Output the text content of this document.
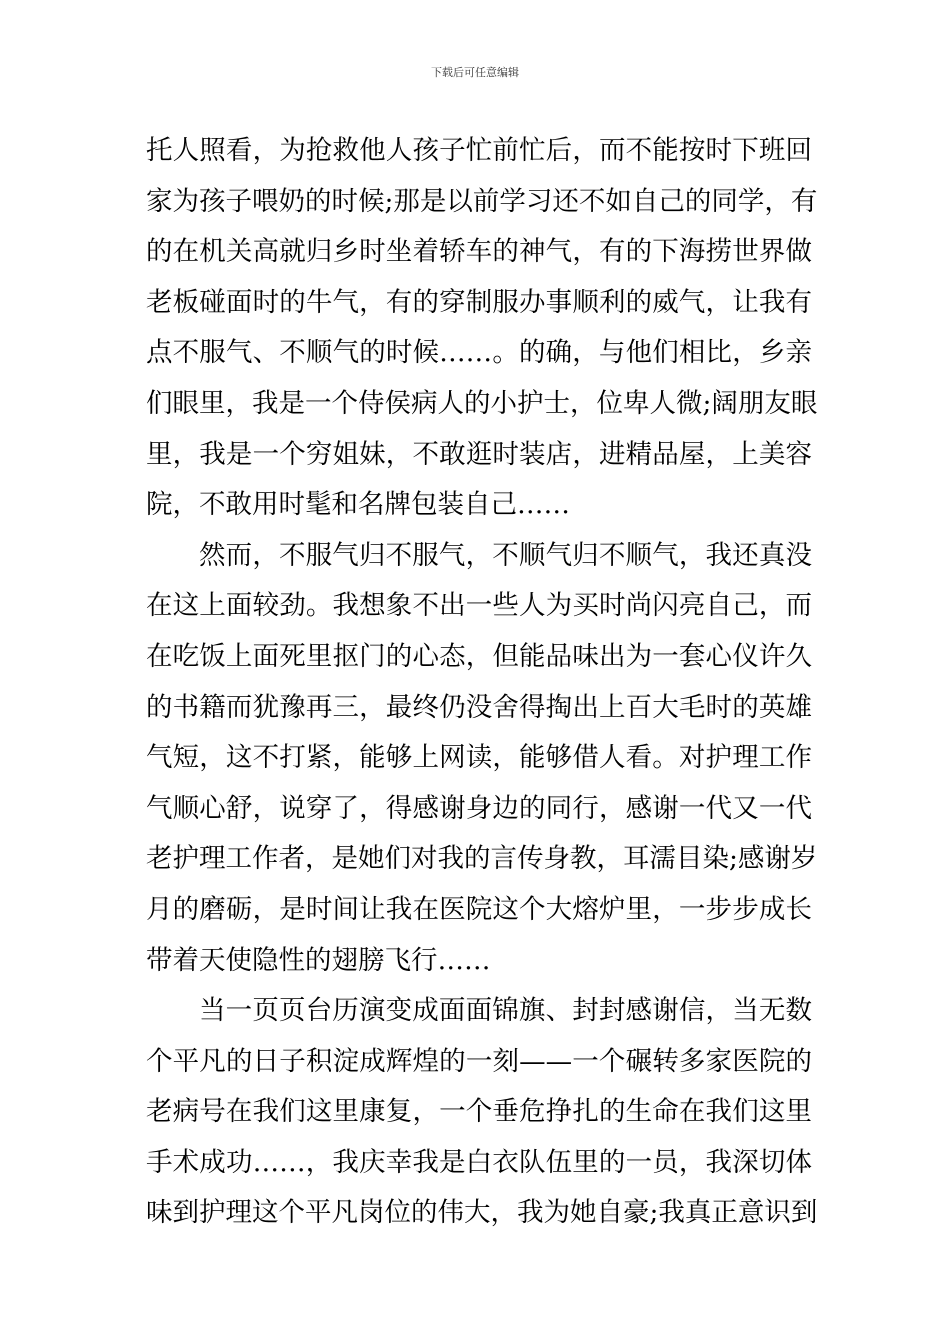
下载后可任意编辑
托人照看，为抢救他人孩子忙前忙后，而不能按时下班回
家为孩子喂奶的时候;那是以前学习还不如自己的同学，有
的在机关高就归乡时坐着轿车的神气，有的下海捞世界做
老板碰面时的牛气，有的穿制服办事顺利的威气，让我有
点不服气、不顺气的时候……。的确，与他们相比，乡亲
们眼里，我是一个侍侯病人的小护士，位卑人微;阔朋友眼
里，我是一个穷姐妹，不敢逛时装店，进精品屋，上美容
院，不敢用时髦和名牌包装自己……
然而，不服气归不服气，不顺气归不顺气，我还真没
在这上面较劲。我想象不出一些人为买时尚闪亮自己，而
在吃饭上面死里抠门的心态，但能品味出为一套心仪许久
的书籍而犹豫再三，最终仍没舍得掏出上百大毛时的英雄
气短，这不打紧，能够上网读，能够借人看。对护理工作
气顺心舒，说穿了，得感谢身边的同行，感谢一代又一代
老护理工作者，是她们对我的言传身教，耳濡目染;感谢岁
月的磨砺，是时间让我在医院这个大熔炉里，一步步成长
带着天使隐性的翅膀飞行……
当一页页台历演变成面面锦旗、封封感谢信，当无数
个平凡的日子积淀成辉煌的一刻——一个碾转多家医院的
老病号在我们这里康复，一个垂危挣扎的生命在我们这里
手术成功……，我庆幸我是白衣队伍里的一员，我深切体
味到护理这个平凡岗位的伟大，我为她自豪;我真正意识到
